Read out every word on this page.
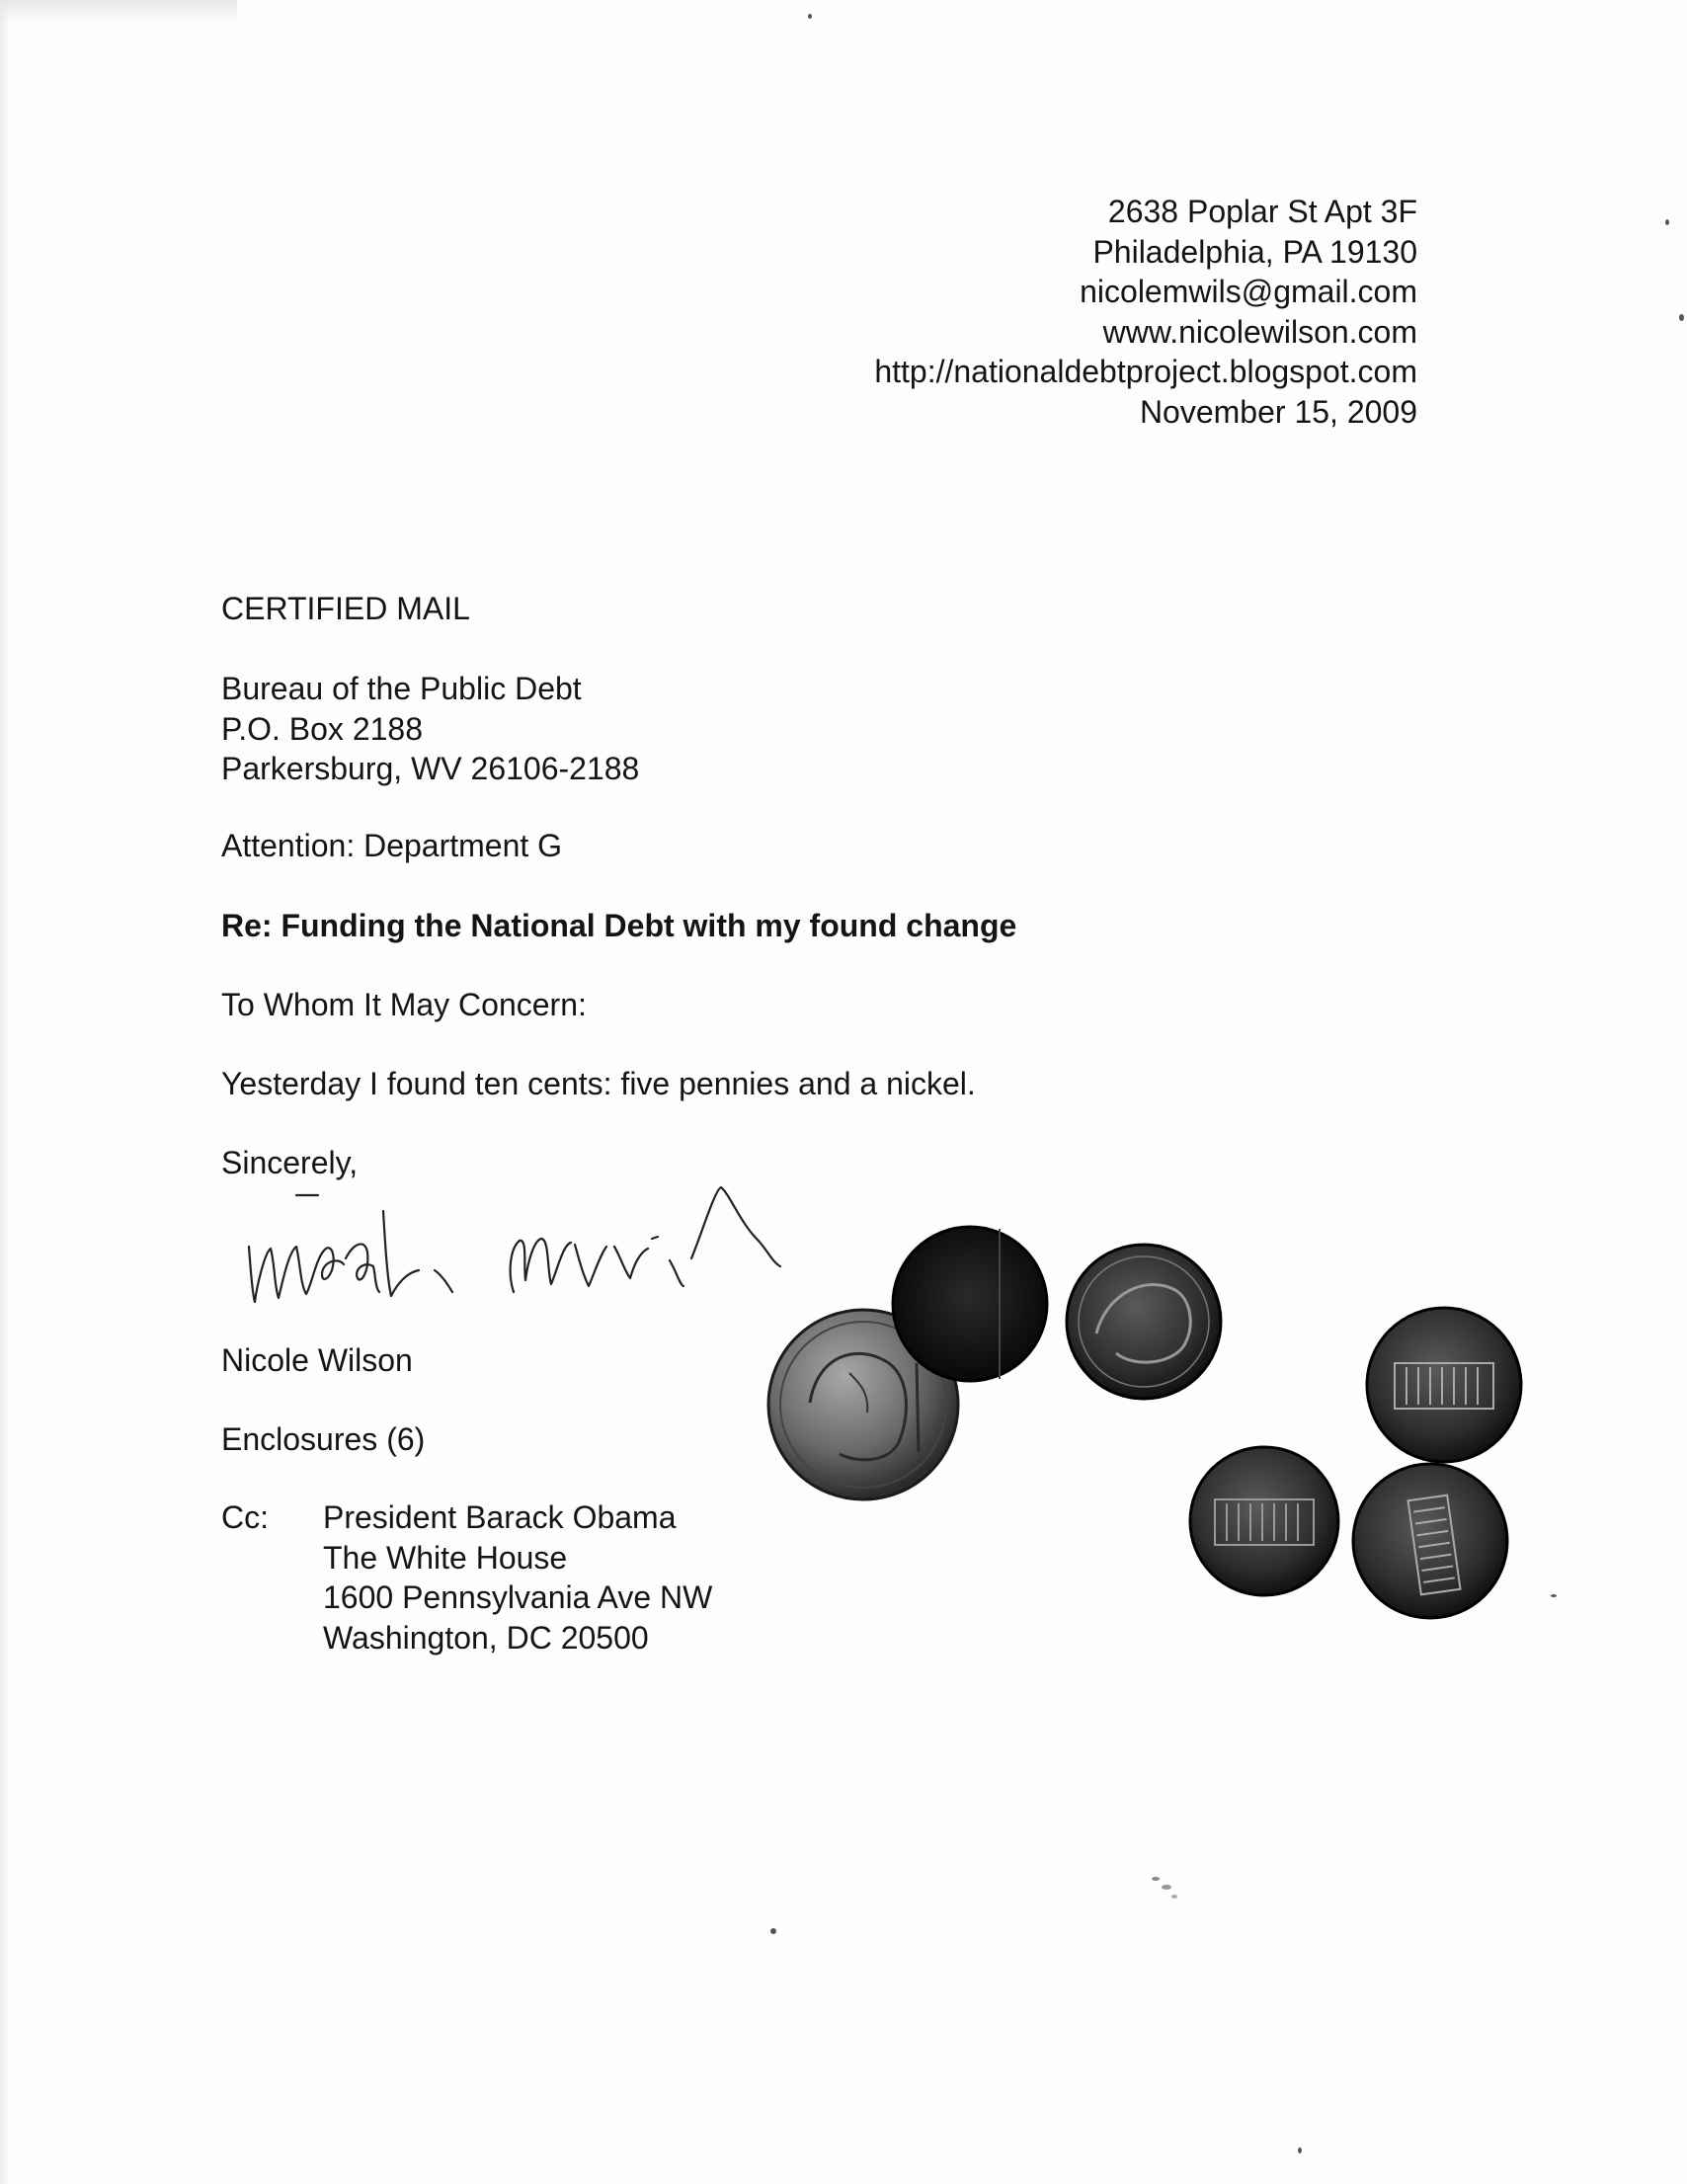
2638 Poplar St Apt 3F
Philadelphia, PA 19130
nicolemwils@gmail.com
www.nicolewilson.com
http://nationaldebtproject.blogspot.com
November 15, 2009
CERTIFIED MAIL
Bureau of the Public Debt
P.O. Box 2188
Parkersburg, WV 26106-2188
Attention: Department G
Re: Funding the National Debt with my found change
To Whom It May Concern:
Yesterday I found ten cents: five pennies and a nickel.
Sincerely,
Nicole Wilson
Enclosures (6)
Cc: President Barack Obama
The White House
1600 Pennsylvania Ave NW
Washington, DC 20500
